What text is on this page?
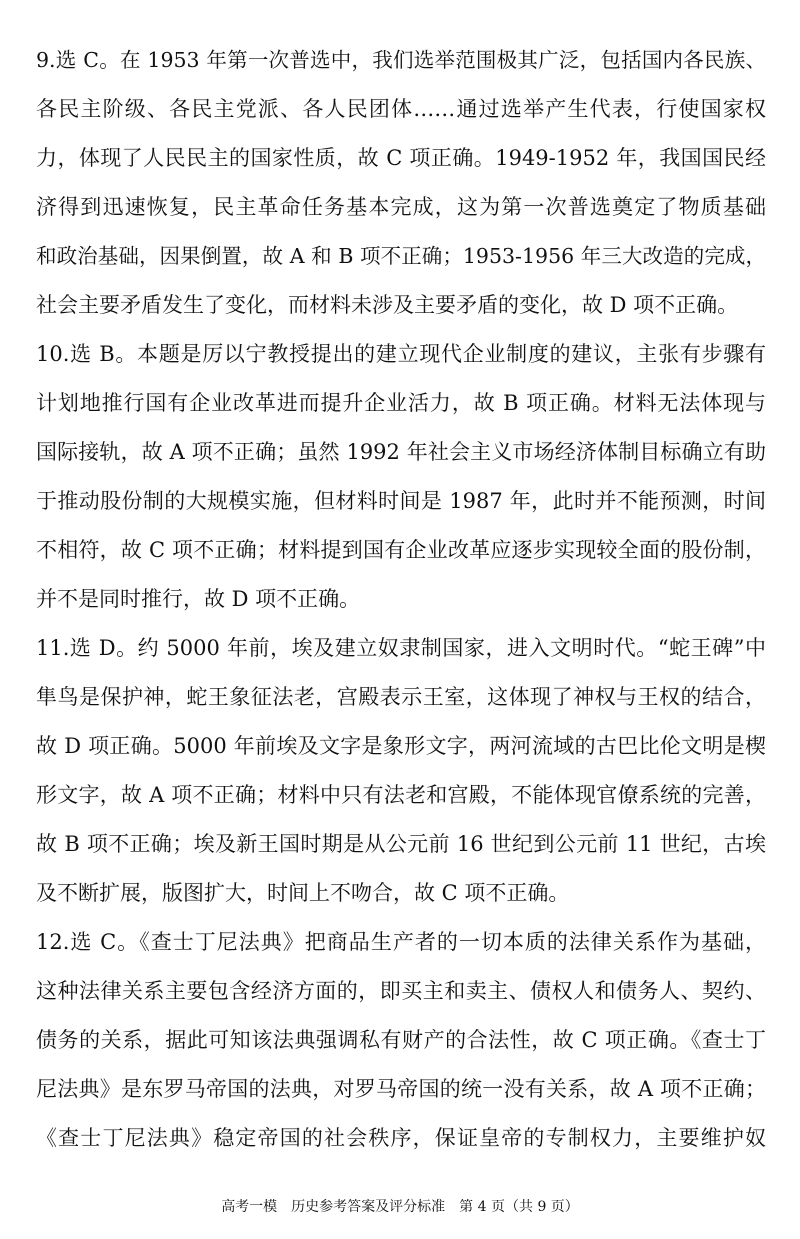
9.选 C。在 1953 年第一次普选中，我们选举范围极其广泛，包括国内各民族、
各民主阶级、各民主党派、各人民团体……通过选举产生代表，行使国家权
力，体现了人民民主的国家性质，故 C 项正确。1949-1952 年，我国国民经
济得到迅速恢复，民主革命任务基本完成，这为第一次普选奠定了物质基础
和政治基础，因果倒置，故 A 和 B 项不正确；1953-1956 年三大改造的完成，
社会主要矛盾发生了变化，而材料未涉及主要矛盾的变化，故 D 项不正确。
10.选 B。本题是厉以宁教授提出的建立现代企业制度的建议，主张有步骤有
计划地推行国有企业改革进而提升企业活力，故 B 项正确。材料无法体现与
国际接轨，故 A 项不正确；虽然 1992 年社会主义市场经济体制目标确立有助
于推动股份制的大规模实施，但材料时间是 1987 年，此时并不能预测，时间
不相符，故 C 项不正确；材料提到国有企业改革应逐步实现较全面的股份制，
并不是同时推行，故 D 项不正确。
11.选 D。约 5000 年前，埃及建立奴隶制国家，进入文明时代。“蛇王碑”中
隼鸟是保护神，蛇王象征法老，宫殿表示王室，这体现了神权与王权的结合，
故 D 项正确。5000 年前埃及文字是象形文字，两河流域的古巴比伦文明是楔
形文字，故 A 项不正确；材料中只有法老和宫殿，不能体现官僚系统的完善，
故 B 项不正确；埃及新王国时期是从公元前 16 世纪到公元前 11 世纪，古埃
及不断扩展，版图扩大，时间上不吻合，故 C 项不正确。
12.选 C。《查士丁尼法典》把商品生产者的一切本质的法律关系作为基础，
这种法律关系主要包含经济方面的，即买主和卖主、债权人和债务人、契约、
债务的关系，据此可知该法典强调私有财产的合法性，故 C 项正确。《查士丁
尼法典》是东罗马帝国的法典，对罗马帝国的统一没有关系，故 A 项不正确；
《查士丁尼法典》稳定帝国的社会秩序，保证皇帝的专制权力，主要维护奴
高考一模　历史参考答案及评分标准　第 4 页（共 9 页）
